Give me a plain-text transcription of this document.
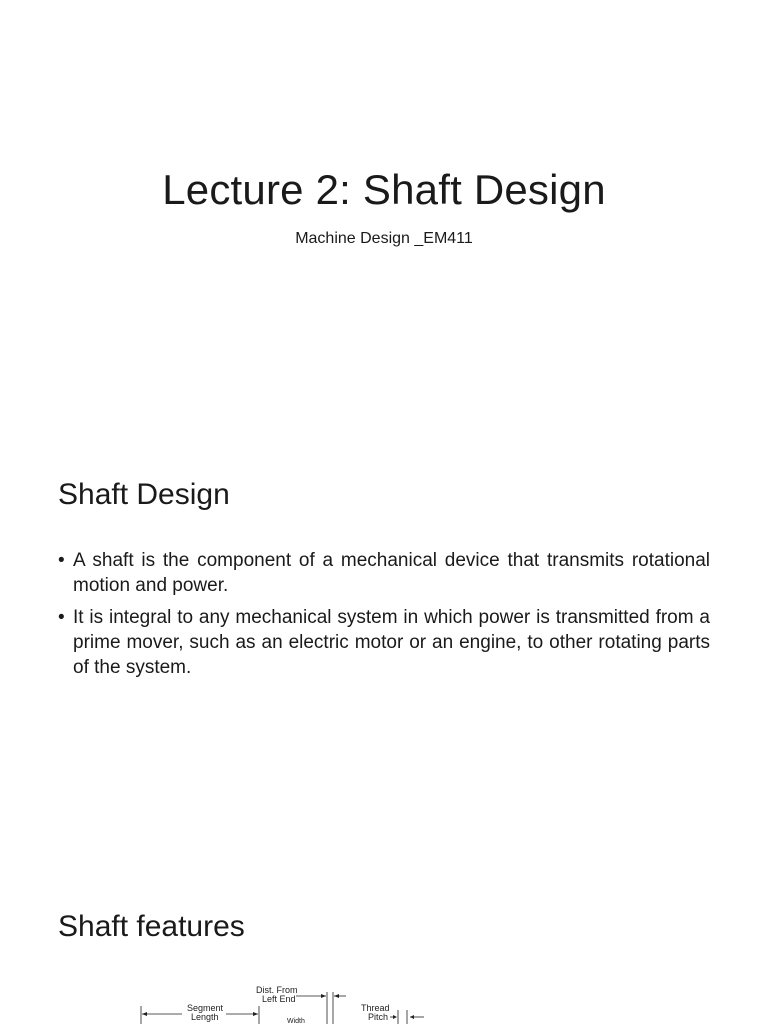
Lecture 2: Shaft Design
Machine Design _EM411
Shaft Design
• A shaft is the component of a mechanical device that transmits rotational motion and power.
• It is integral to any mechanical system in which power is transmitted from a prime mover, such as an electric motor or an engine, to other rotating parts of the system.
Shaft features
Dist. From
Left End
Segment
Length	Width
Thread
Pitch
